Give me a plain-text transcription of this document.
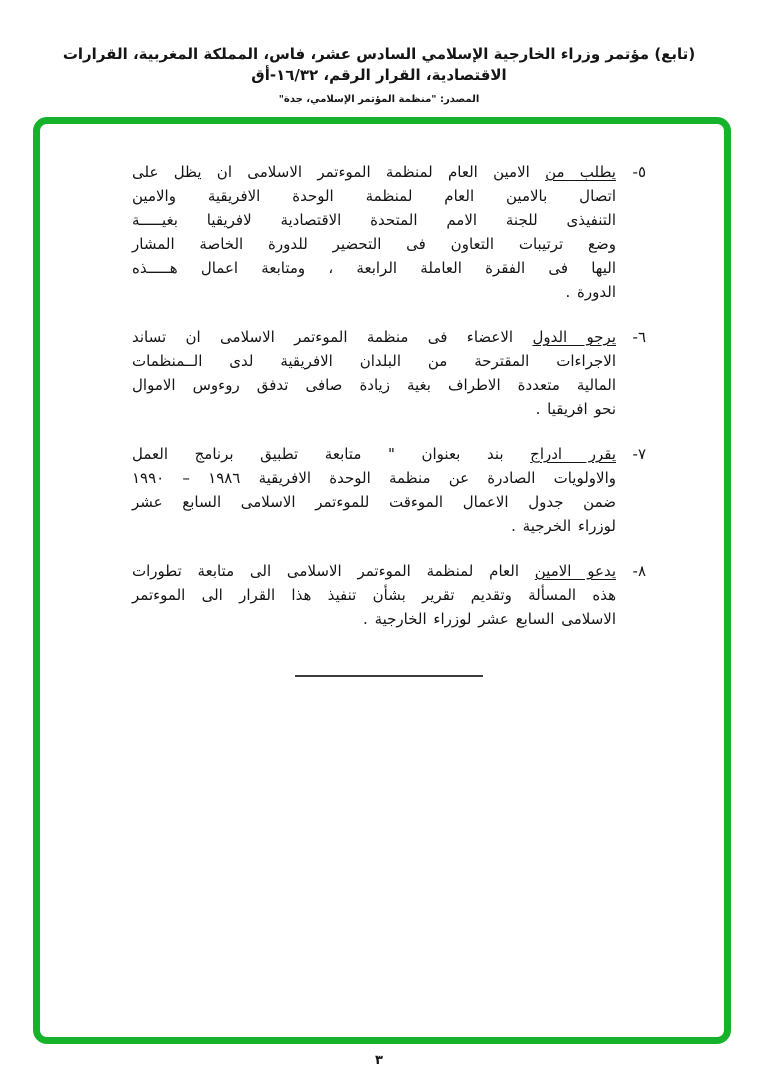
(تابع) مؤتمر وزراء الخارجية الإسلامي السادس عشر، فاس، المملكة المغربية، القرارات الاقتصادية، القرار الرقم، ١٦/٣٢-أق
المصدر: "منظمة المؤتمر الإسلامي، جدة"
٥-
يطلب من الامين العام لمنظمة الموءتمر الاسلامى ان يظل على
اتصال بالامين العام لمنظمة الوحدة الافريقية والامين
التنفيذى للجنة الامم المتحدة الاقتصادية لافريقيا بغيـــــة
وضع ترتيبات التعاون فى التحضير للدورة الخاصة المشار
اليها فى الفقرة العاملة الرابعة ، ومتابعة اعمال هـــــذه
الدورة .
٦-
يرجو الدول الاعضاء فى منظمة الموءتمر الاسلامى ان تساند
الاجراءات المقترحة من البلدان الافريقية لدى الــمنظمات
المالية متعددة الاطراف بغية زيادة صافى تدفق روءوس الاموال
نحو افريقيا .
٧-
يقرر ادراج بند بعنوان " متابعة تطبيق برنامج العمل
والاولويات الصادرة عن منظمة الوحدة الافريقية ١٩٨٦ – ١٩٩٠
ضمن جدول الاعمال الموءقت للموءتمر الاسلامى السابع عشر
لوزراء الخرجية .
٨-
يدعو الامين العام لمنظمة الموءتمر الاسلامى الى متابعة تطورات
هذه المسألة وتقديم تقرير بشأن تنفيذ هذا القرار الى الموءتمر
الاسلامى السابع عشر لوزراء الخارجية .
٣
